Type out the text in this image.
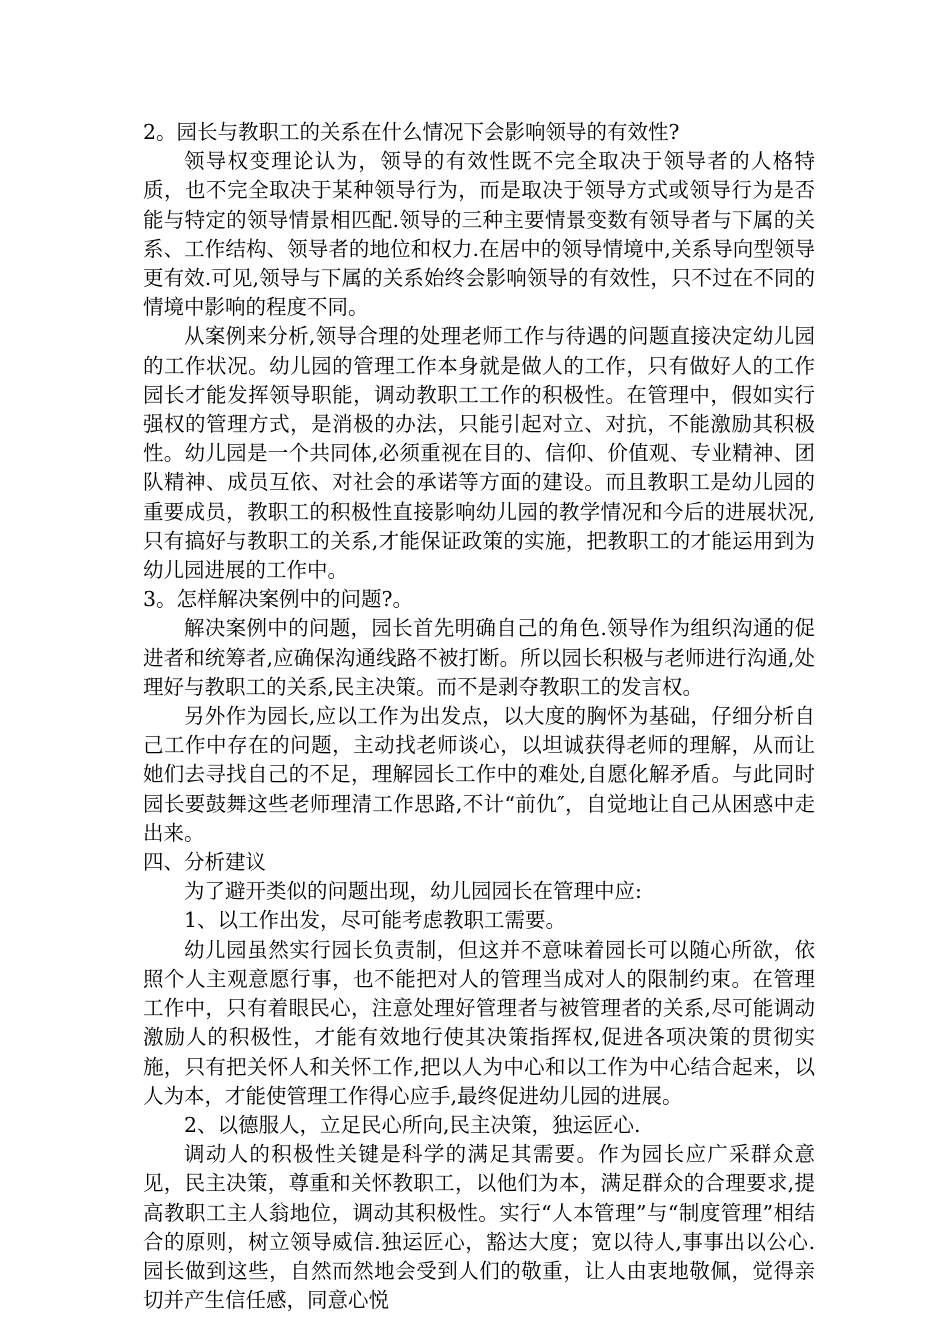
2。园长与教职工的关系在什么情况下会影响领导的有效性?

领导权变理论认为，领导的有效性既不完全取决于领导者的人格特质，也不完全取决于某种领导行为，而是取决于领导方式或领导行为是否能与特定的领导情景相匹配.领导的三种主要情景变数有领导者与下属的关系、工作结构、领导者的地位和权力.在居中的领导情境中,关系导向型领导更有效.可见,领导与下属的关系始终会影响领导的有效性，只不过在不同的情境中影响的程度不同。

从案例来分析,领导合理的处理老师工作与待遇的问题直接决定幼儿园的工作状况。幼儿园的管理工作本身就是做人的工作，只有做好人的工作园长才能发挥领导职能，调动教职工工作的积极性。在管理中，假如实行强权的管理方式，是消极的办法，只能引起对立、对抗，不能激励其积极性。幼儿园是一个共同体,必须重视在目的、信仰、价值观、专业精神、团队精神、成员互依、对社会的承诺等方面的建设。而且教职工是幼儿园的重要成员，教职工的积极性直接影响幼儿园的教学情况和今后的进展状况,只有搞好与教职工的关系,才能保证政策的实施，把教职工的才能运用到为幼儿园进展的工作中。

3。怎样解决案例中的问题?。

解决案例中的问题，园长首先明确自己的角色.领导作为组织沟通的促进者和统筹者,应确保沟通线路不被打断。所以园长积极与老师进行沟通,处理好与教职工的关系,民主决策。而不是剥夺教职工的发言权。

另外作为园长,应以工作为出发点，以大度的胸怀为基础，仔细分析自己工作中存在的问题，主动找老师谈心，以坦诚获得老师的理解，从而让她们去寻找自己的不足，理解园长工作中的难处,自愿化解矛盾。与此同时园长要鼓舞这些老师理清工作思路,不计“前仇″，自觉地让自己从困惑中走出来。

四、分析建议

为了避开类似的问题出现，幼儿园园长在管理中应:

1、以工作出发，尽可能考虑教职工需要。

幼儿园虽然实行园长负责制，但这并不意味着园长可以随心所欲，依照个人主观意愿行事，也不能把对人的管理当成对人的限制约束。在管理工作中，只有着眼民心，注意处理好管理者与被管理者的关系,尽可能调动激励人的积极性，才能有效地行使其决策指挥权,促进各项决策的贯彻实施，只有把关怀人和关怀工作,把以人为中心和以工作为中心结合起来，以人为本，才能使管理工作得心应手,最终促进幼儿园的进展。

2、以德服人，立足民心所向,民主决策，独运匠心.

调动人的积极性关键是科学的满足其需要。作为园长应广采群众意见，民主决策，尊重和关怀教职工，以他们为本，满足群众的合理要求,提高教职工主人翁地位，调动其积极性。实行“人本管理”与“制度管理”相结合的原则，树立领导威信.独运匠心，豁达大度；宽以待人,事事出以公心.园长做到这些，自然而然地会受到人们的敬重，让人由衷地敬佩，觉得亲切并产生信任感，同意心悦
